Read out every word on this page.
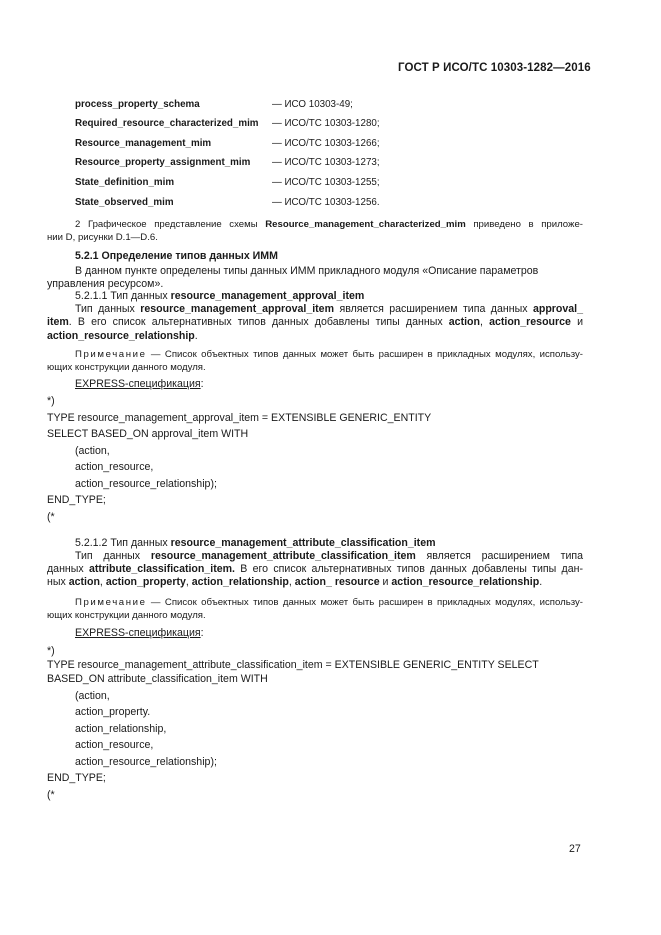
ГОСТ Р ИСО/ТС 10303-1282—2016
process_property_schema	— ИСО 10303-49;
Required_resource_characterized_mim — ИСО/ТС 10303-1280;
Resource_management_mim	— ИСО/ТС 10303-1266;
Resource_property_assignment_mim — ИСО/ТС 10303-1273;
State_definition_mim	— ИСО/ТС 10303-1255;
State_observed_mim	— ИСО/ТС 10303-1256.
2 Графическое представление схемы Resource_management_characterized_mim приведено в приложе-
нии D, рисунки D.1—D.6.
5.2.1 Определение типов данных ИММ
В данном пункте определены типы данных ИММ прикладного модуля «Описание параметров
управления ресурсом».
5.2.1.1 Тип данных resource_management_approval_item
Тип данных resource_management_approval_item является расширением типа данных approval_
item. В его список альтернативных типов данных добавлены типы данных action, action_resource и
action_resource_relationship.
Примечание — Список объектных типов данных может быть расширен в прикладных модулях, использу-
ющих конструкции данного модуля.
EXPRESS-спецификация:
*)
TYPE resource_management_approval_item = EXTENSIBLE GENERIC_ENTITY
SELECT BASED_ON approval_item WITH
(action,
action_resource,
action_resource_relationship);
END_TYPE;
(*
5.2.1.2 Тип данных resource_management_attribute_classification_item
Тип данных resource_management_attribute_classification_item является расширением типа
данных attribute_classification_item. В его список альтернативных типов данных добавлены типы дан-
ных action, action_property, action_relationship, action_ resource и action_resource_relationship.
Примечание — Список объектных типов данных может быть расширен в прикладных модулях, использу-
ющих конструкции данного модуля.
EXPRESS-спецификация:
*)
TYPE resource_management_attribute_classification_item = EXTENSIBLE GENERIC_ENTITY SELECT
BASED_ON attribute_classification_item WITH
(action,
action_property.
action_relationship,
action_resource,
action_resource_relationship);
END_TYPE;
(*
27
